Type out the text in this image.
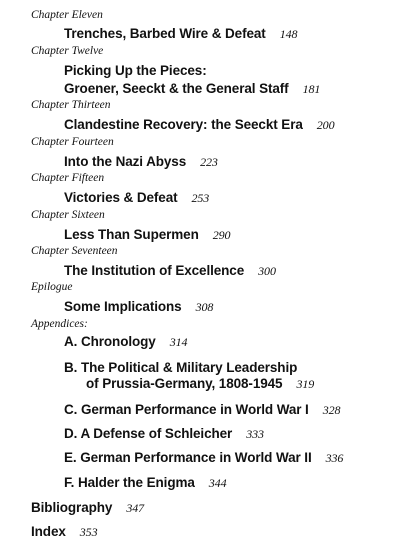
Chapter Eleven
Trenches, Barbed Wire & Defeat 148
Chapter Twelve
Picking Up the Pieces:
Groener, Seeckt & the General Staff 181
Chapter Thirteen
Clandestine Recovery: the Seeckt Era 200
Chapter Fourteen
Into the Nazi Abyss 223
Chapter Fifteen
Victories & Defeat 253
Chapter Sixteen
Less Than Supermen 290
Chapter Seventeen
The Institution of Excellence 300
Epilogue
Some Implications 308
Appendices:
A. Chronology 314
B. The Political & Military Leadership
of Prussia-Germany, 1808-1945 319
C. German Performance in World War I 328
D. A Defense of Schleicher 333
E. German Performance in World War II 336
F. Halder the Enigma 344
Bibliography 347
Index 353
